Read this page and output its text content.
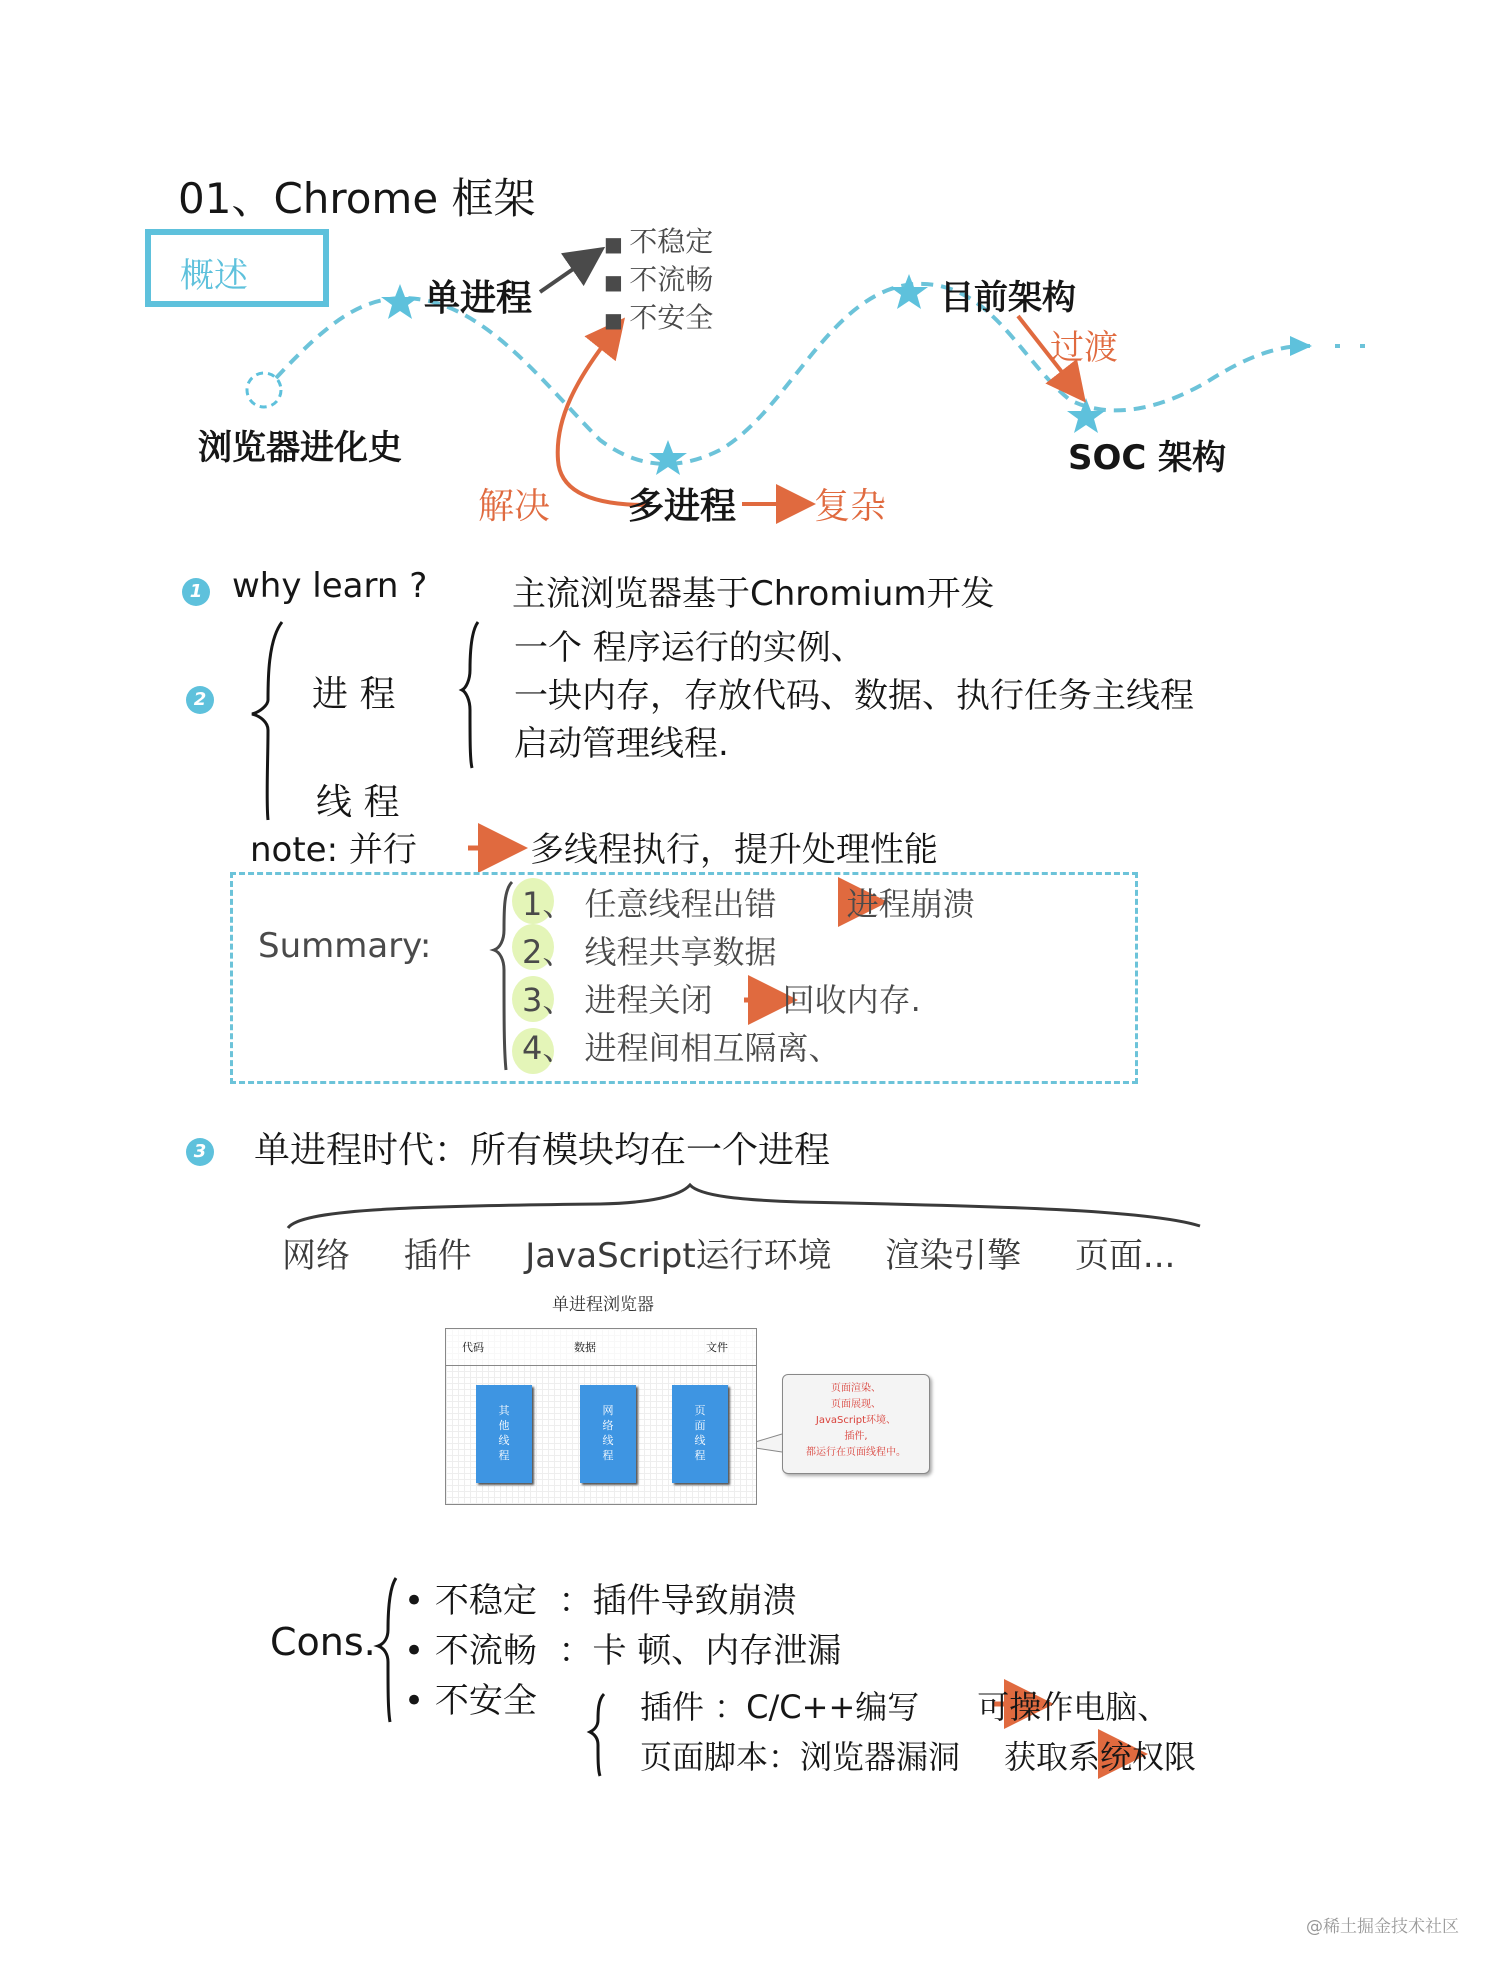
01、Chrome 框架
概述
浏览器进化史
单进程
■ 不稳定
■ 不流畅
■ 不安全
解决 多进程 复杂
目前架构
过渡
SOC 架构
1 why learn ? 主流浏览器基于Chromium开发
2	进 程
线 程
一个 程序运行的实例、
一块内存，存放代码、数据、执行任务主线程
启动管理线程.
note: 并行	多线程执行，提升处理性能
Summary:
1、 任意线程出错 进程崩溃
2、 线程共享数据
3、 进程关闭 回收内存.
4、 进程间相互隔离、
3 单进程时代：所有模块均在一个进程
网络 插件 JavaScript运行环境 渲染引擎 页面...
单进程浏览器
代码	数据	文件
其他线程
网络线程
页面线程
页面渲染、
页面展现、
JavaScript环境、
插件,
都运行在页面线程中。
Cons.
• 不稳定 ：插件导致崩溃
• 不流畅 ：卡 顿、内存泄漏
• 不安全	插件 ：C/C++编写 可操作电脑、
页面脚本：浏览器漏洞 获取系统权限
@稀土掘金技术社区
